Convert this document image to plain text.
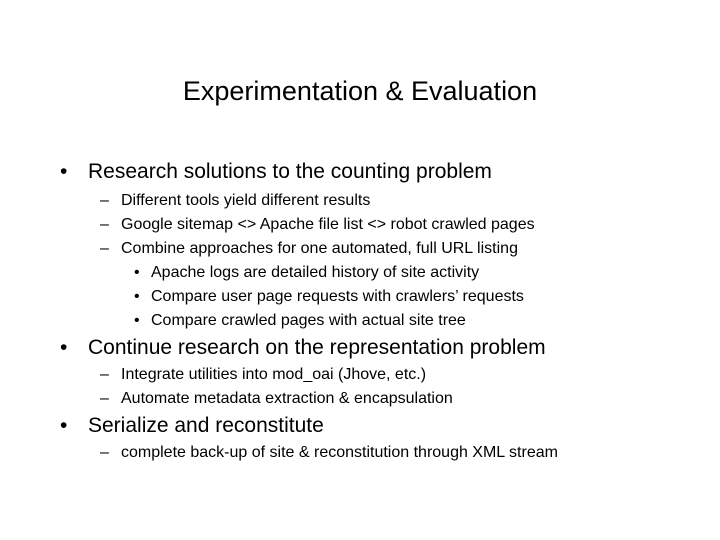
Experimentation & Evaluation
• Research solutions to the counting problem
– Different tools yield different results
– Google sitemap <> Apache file list <> robot crawled pages
– Combine approaches for one automated, full URL listing
• Apache logs are detailed history of site activity
• Compare user page requests with crawlers’ requests
• Compare crawled pages with actual site tree
• Continue research on the representation problem
– Integrate utilities into mod_oai (Jhove, etc.)
– Automate metadata extraction & encapsulation
• Serialize and reconstitute
– complete back-up of site & reconstitution through XML stream
